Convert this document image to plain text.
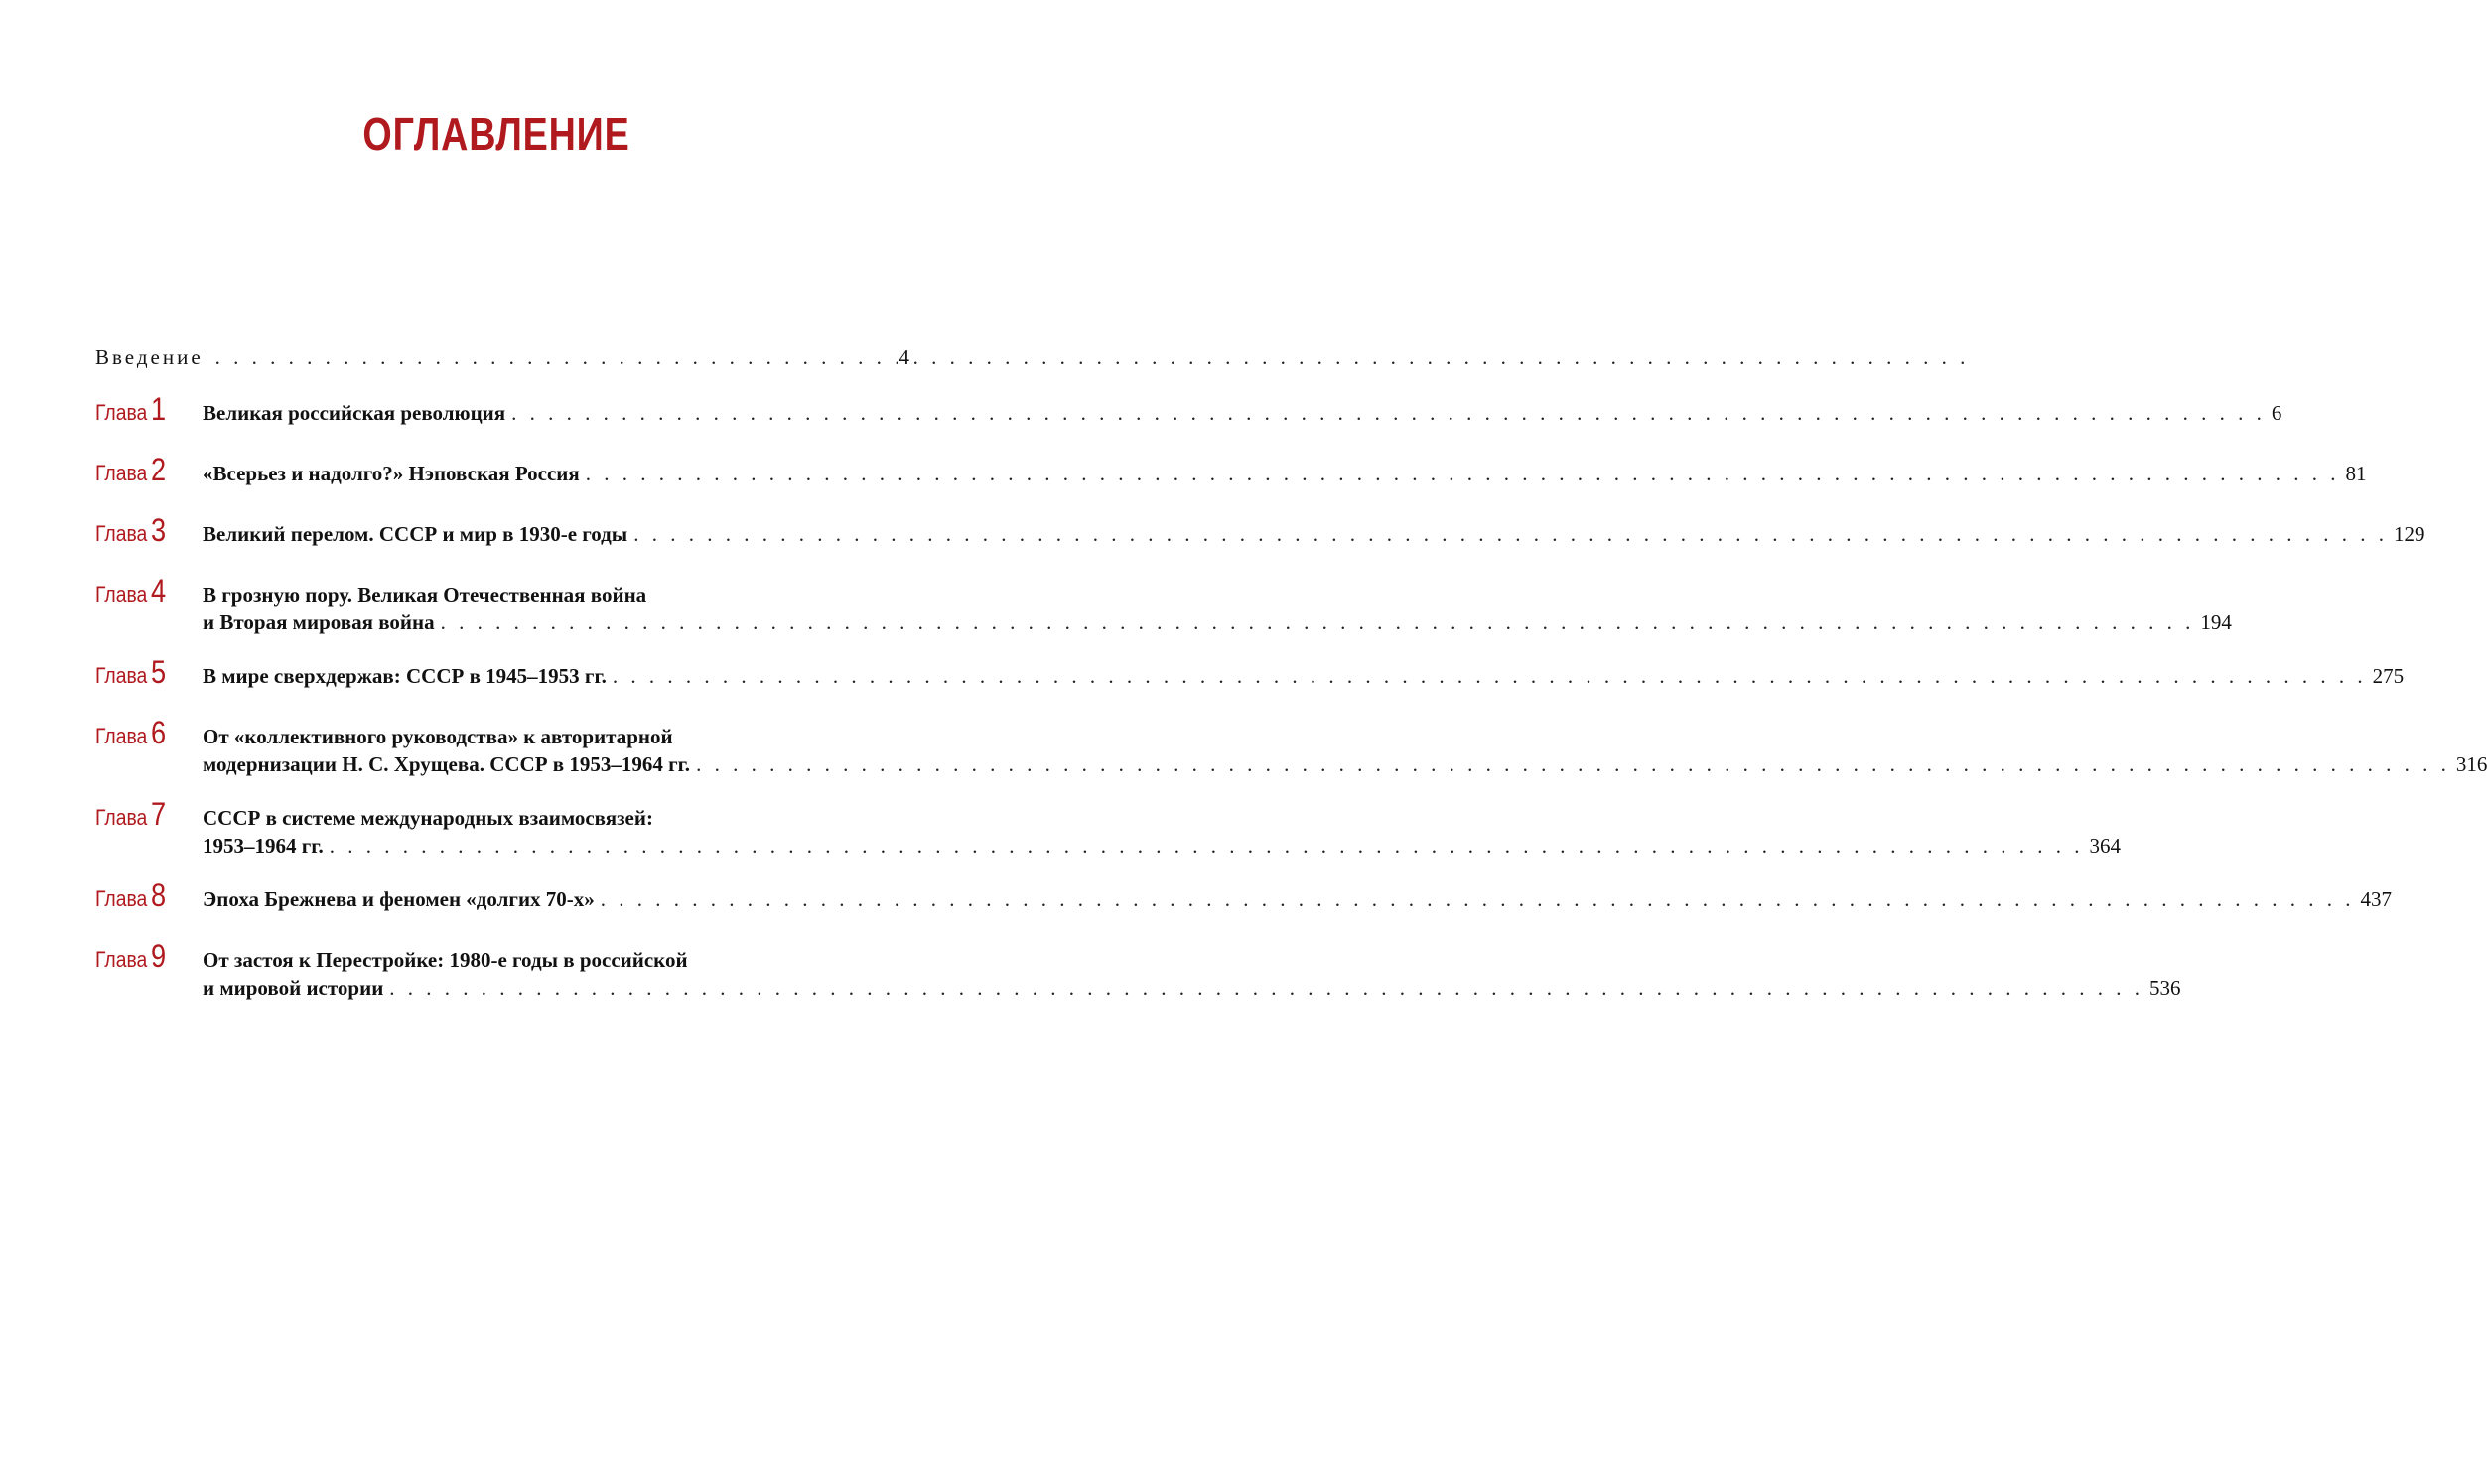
ОГЛАВЛЕНИЕ
Введение . . .	4
Глава 1	Великая российская революция . . .	6
Глава 2	«Всерьез и надолго?» Нэповская Россия . . .	81
Глава 3	Великий перелом. СССР и мир в 1930-е годы . . .	129
Глава 4	В грозную пору. Великая Отечественная война
и Вторая мировая война . . .	194
Глава 5	В мире сверхдержав: СССР в 1945–1953 гг. . . .	275
Глава 6	От «коллективного руководства» к авторитарной
модернизации Н. С. Хрущева. СССР в 1953–1964 гг. . . .	316
Глава 7	СССР в системе международных взаимосвязей:
1953–1964 гг. . . .	364
Глава 8	Эпоха Брежнева и феномен «долгих 70-х» . . .	437
Глава 9	От застоя к Перестройке: 1980-е годы в российской
и мировой истории . . .	536
